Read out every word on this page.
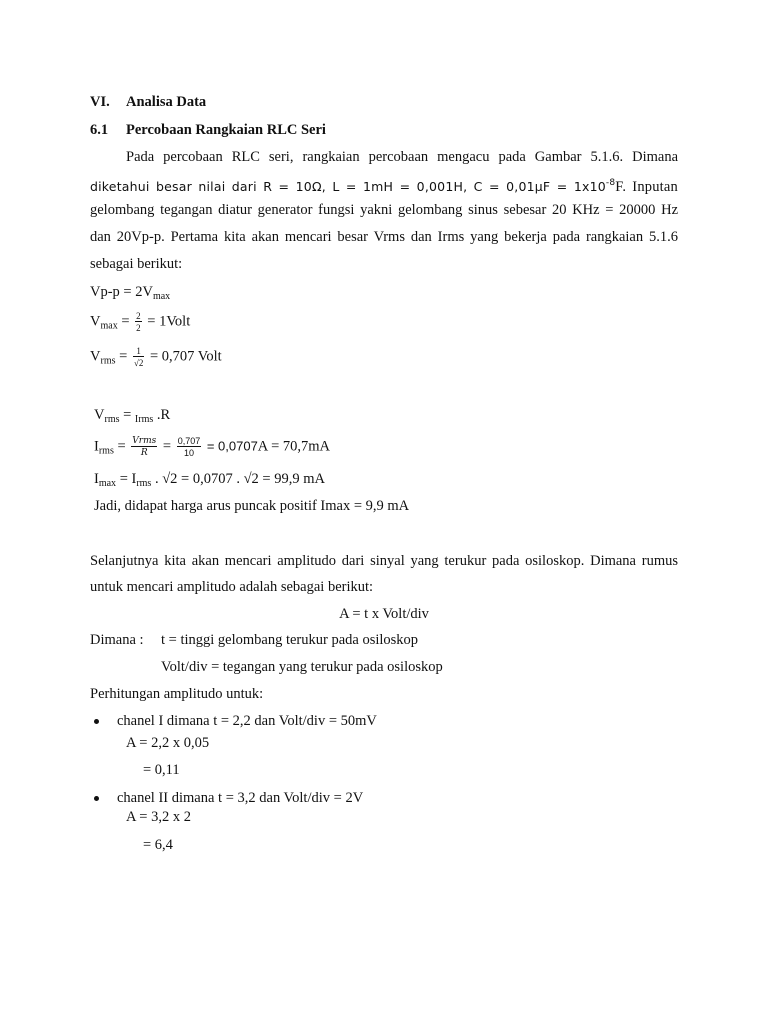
VI. Analisa Data
6.1 Percobaan Rangkaian RLC Seri
Pada percobaan RLC seri, rangkaian percobaan mengacu pada Gambar 5.1.6. Dimana
diketahui besar nilai dari R = 10Ω, L = 1mH = 0,001H, $C = 0,01\mu F = 1x10^{-8}F$. Inputan
gelombang tegangan diatur generator fungsi yakni gelombang sinus sebesar 20 KHz = 20000 Hz
dan 20Vp-p. Pertama kita akan mencari besar Vrms dan Irms yang bekerja pada rangkaian 5.1.6
sebagai berikut:
$Vp-p = 2V_{max}$
$V_{max} = \frac{2}{2}$ = 1Volt
$V_{rms} = \frac{1}{√2} = 0,707$ Volt
$V_{rms} = _{Irms}$ .R
$I_{rms} = \frac{\text{Vrms}}{R} = \frac{0,707}{10} = 0,0707A = 70,7mA$
$I_{max} = I_{rms}$ . √2 = 0,0707 . √2 = 99,9 mA
Jadi, didapat harga arus puncak positif Imax = 9,9 mA
Selanjutnya kita akan mencari amplitudo dari sinyal yang terukur pada osiloskop. Dimana rumus
untuk mencari amplitudo adalah sebagai berikut:
A = t x Volt/div
Dimana : t = tinggi gelombang terukur pada osiloskop
Volt/div = tegangan yang terukur pada osiloskop
Perhitungan amplitudo untuk:
chanel I dimana t = 2,2 dan Volt/div = 50mV
A = 2,2 x 0,05
= 0,11
chanel II dimana t = 3,2 dan Volt/div = 2V
A = 3,2 x 2
= 6,4
